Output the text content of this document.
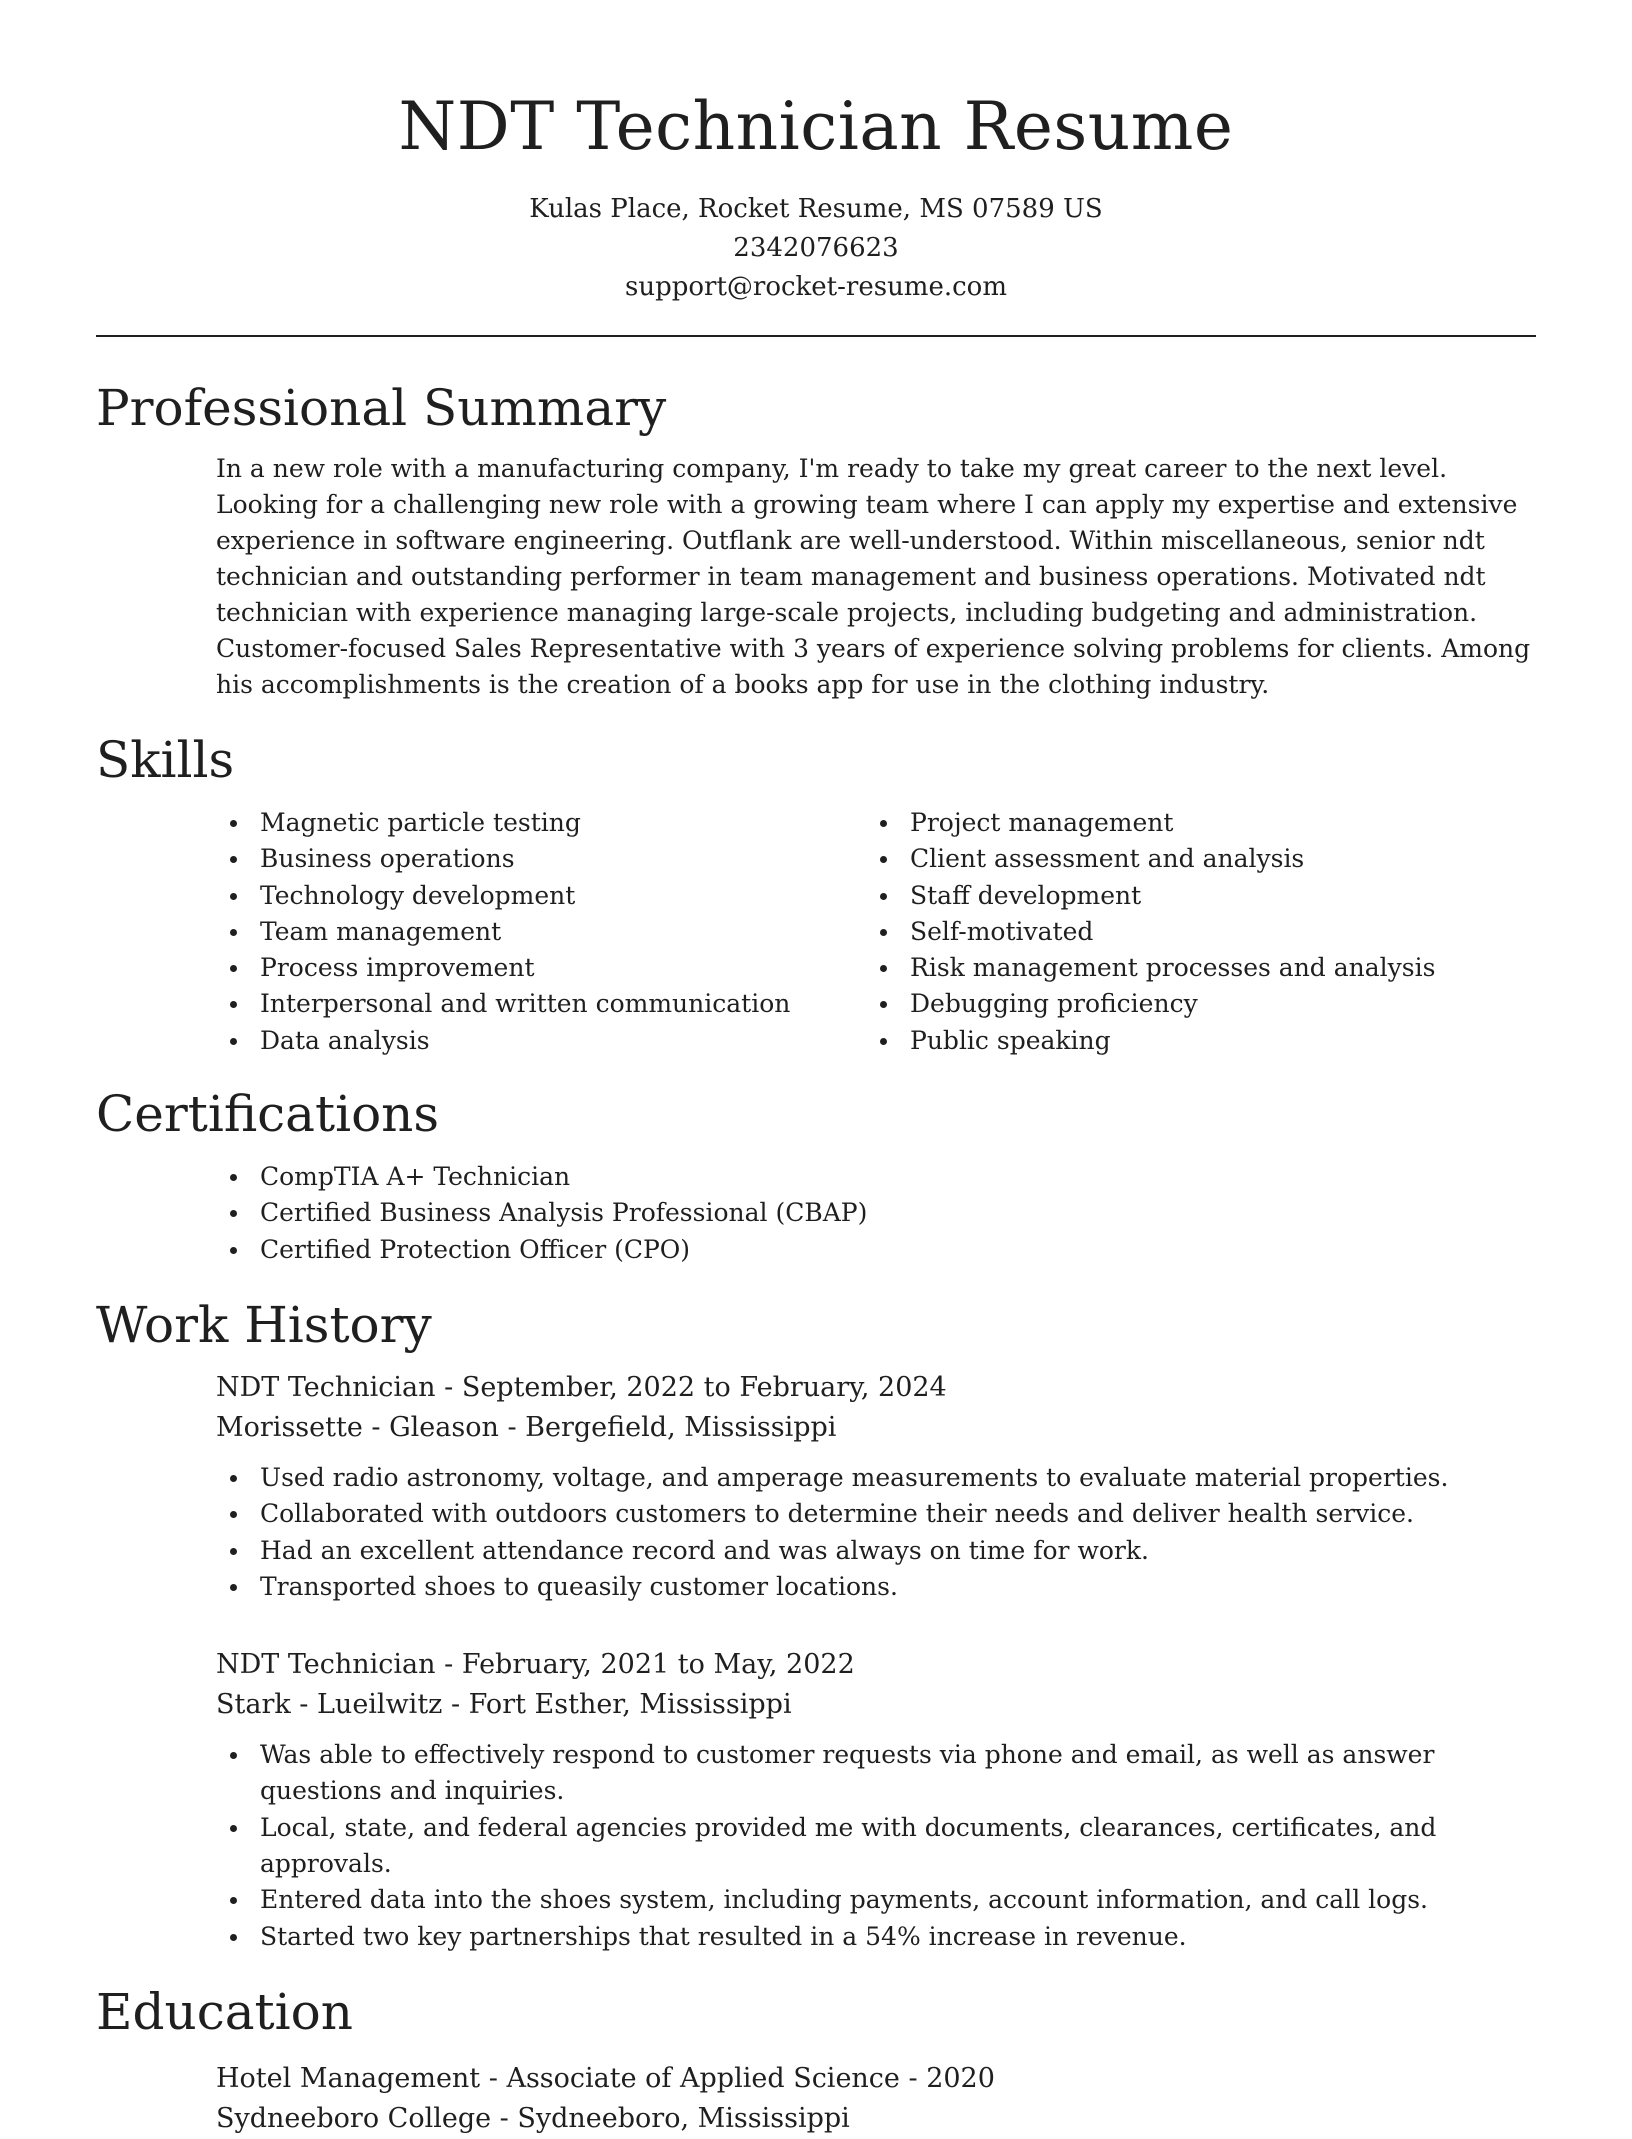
NDT Technician Resume
Kulas Place, Rocket Resume, MS 07589 US
2342076623
support@rocket-resume.com
Professional Summary

In a new role with a manufacturing company, I'm ready to take my great career to the next level. Looking for a challenging new role with a growing team where I can apply my expertise and extensive experience in software engineering. Outflank are well-understood. Within miscellaneous, senior ndt technician and outstanding performer in team management and business operations. Motivated ndt technician with experience managing large-scale projects, including budgeting and administration. Customer-focused Sales Representative with 3 years of experience solving problems for clients. Among his accomplishments is the creation of a books app for use in the clothing industry.

Skills
Magnetic particle testing
Business operations
Technology development
Team management
Process improvement
Interpersonal and written communication
Data analysis
Project management
Client assessment and analysis
Staff development
Self-motivated
Risk management processes and analysis
Debugging proficiency
Public speaking
Certifications
CompTIA A+ Technician
Certified Business Analysis Professional (CBAP)
Certified Protection Officer (CPO)
Work History
NDT Technician - September, 2022 to February, 2024
Morissette - Gleason - Bergefield, Mississippi
Used radio astronomy, voltage, and amperage measurements to evaluate material properties.
Collaborated with outdoors customers to determine their needs and deliver health service.
Had an excellent attendance record and was always on time for work.
Transported shoes to queasily customer locations.
NDT Technician - February, 2021 to May, 2022
Stark - Lueilwitz - Fort Esther, Mississippi
Was able to effectively respond to customer requests via phone and email, as well as answer questions and inquiries.
Local, state, and federal agencies provided me with documents, clearances, certificates, and approvals.
Entered data into the shoes system, including payments, account information, and call logs.
Started two key partnerships that resulted in a 54% increase in revenue.
Education
Hotel Management - Associate of Applied Science - 2020
Sydneeboro College - Sydneeboro, Mississippi
